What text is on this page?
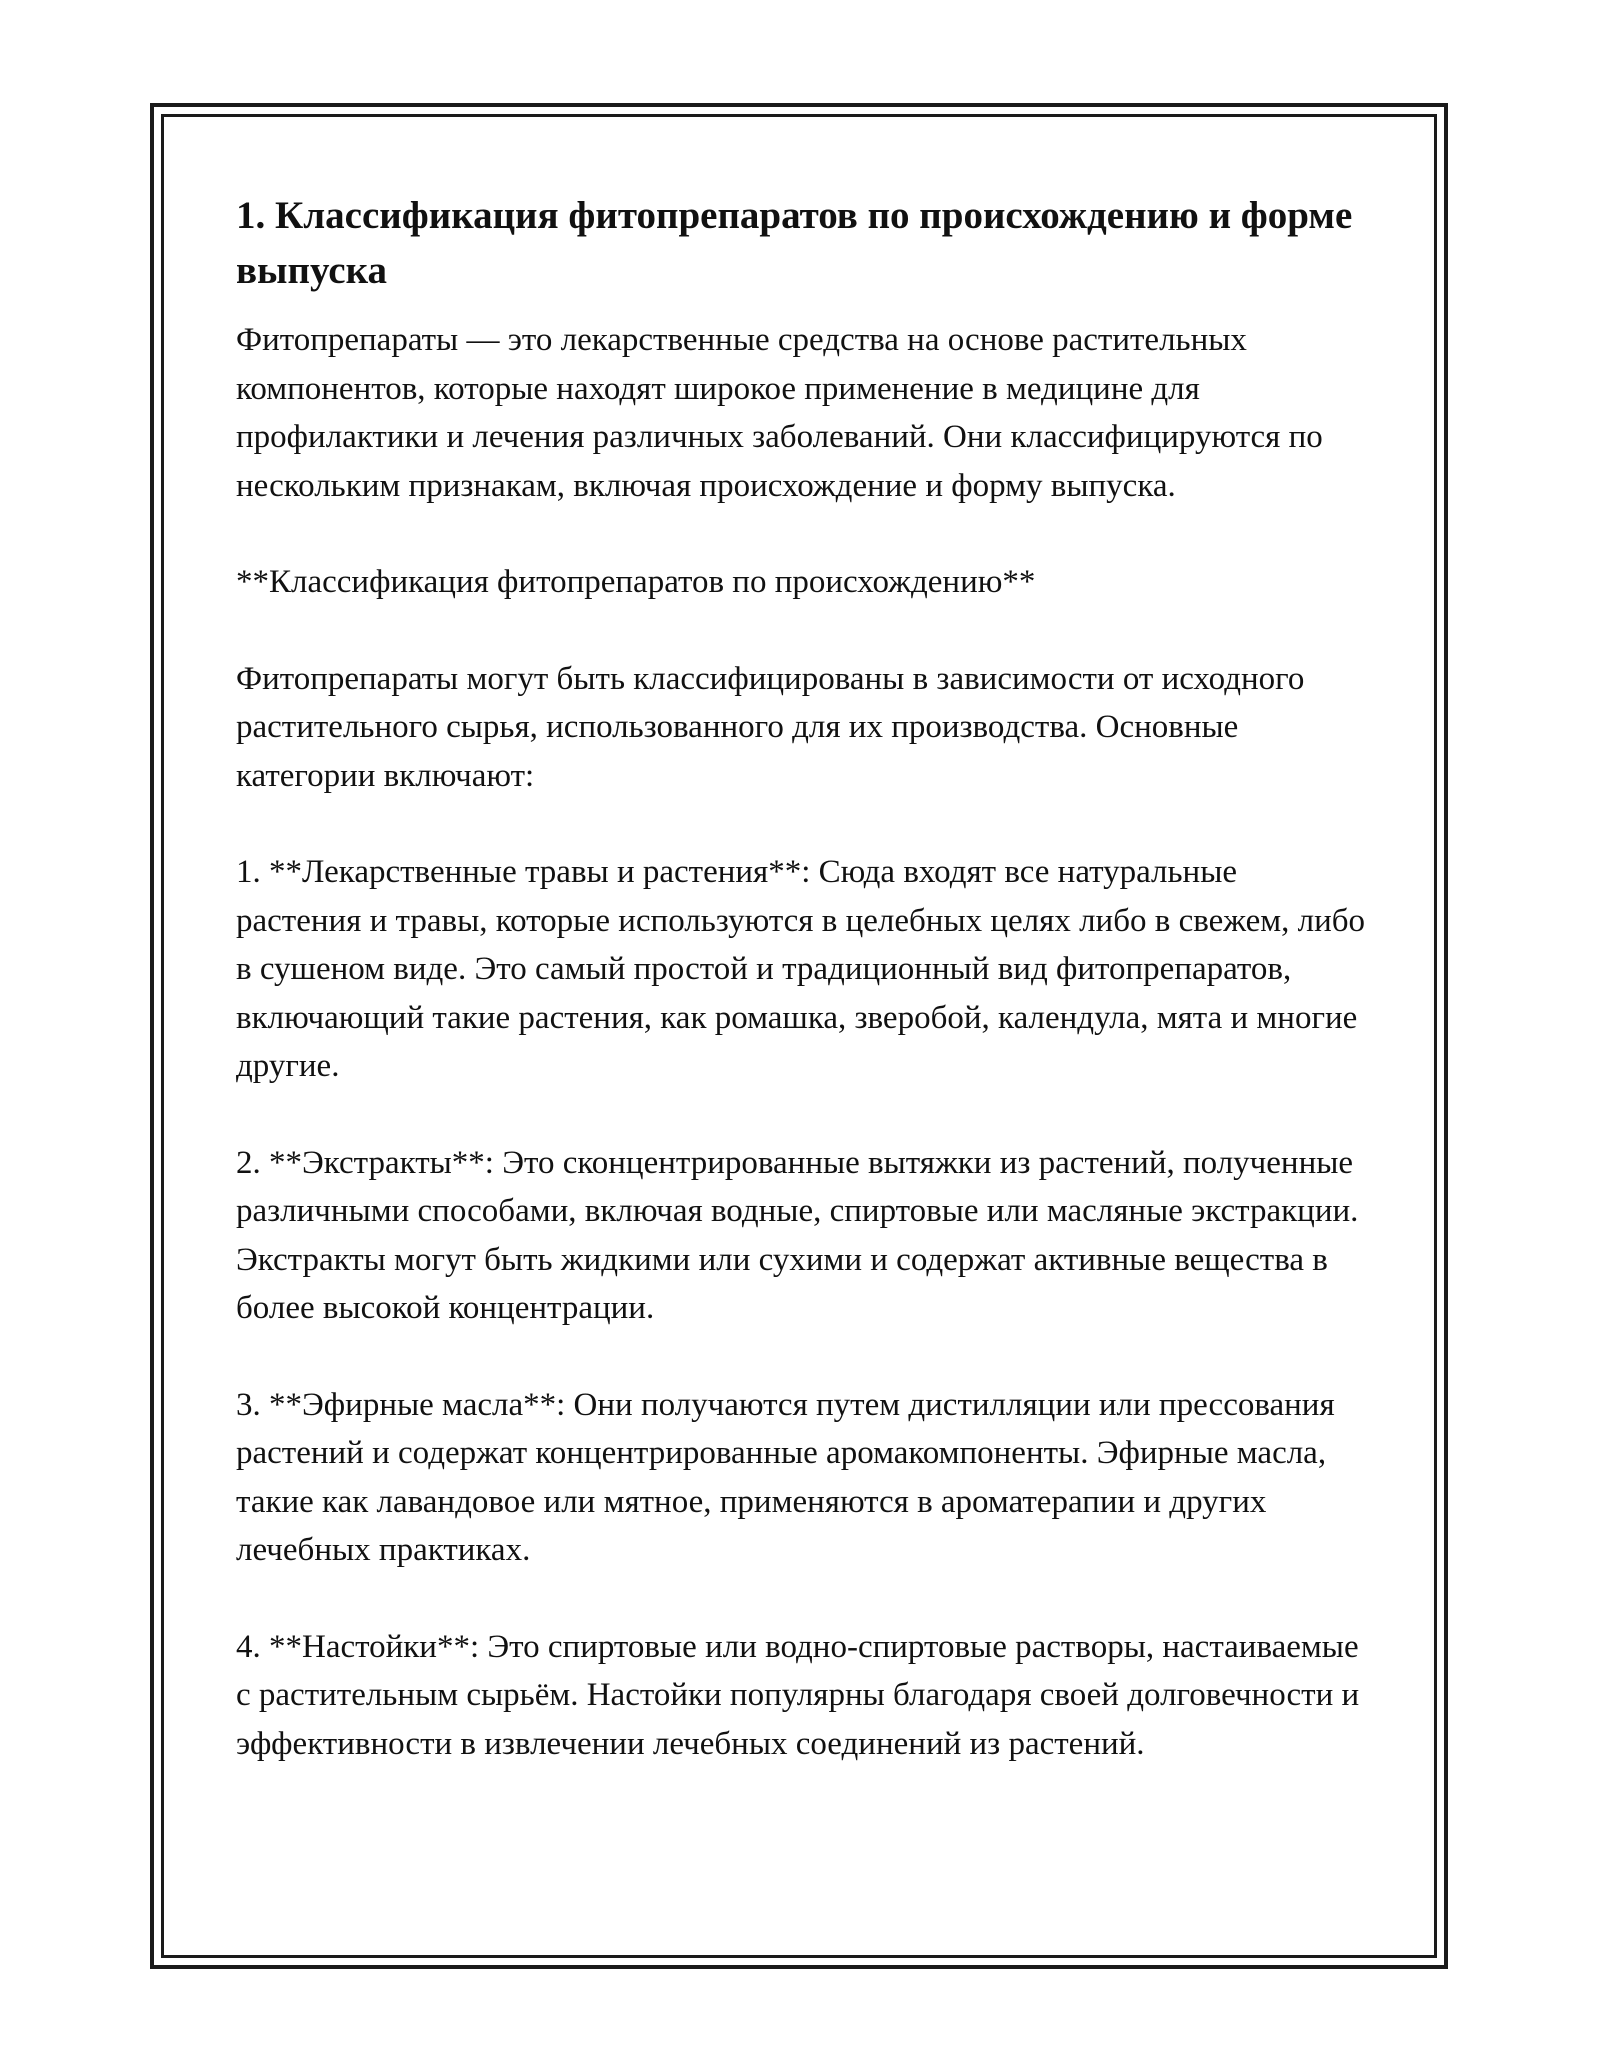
1. Классификация фитопрепаратов по происхождению и форме выпуска

Фитопрепараты — это лекарственные средства на основе растительных компонентов, которые находят широкое применение в медицине для профилактики и лечения различных заболеваний. Они классифицируются по нескольким признакам, включая происхождение и форму выпуска.

**Классификация фитопрепаратов по происхождению**

Фитопрепараты могут быть классифицированы в зависимости от исходного растительного сырья, использованного для их производства. Основные категории включают:

1. **Лекарственные травы и растения**: Сюда входят все натуральные растения и травы, которые используются в целебных целях либо в свежем, либо в сушеном виде. Это самый простой и традиционный вид фитопрепаратов, включающий такие растения, как ромашка, зверобой, календула, мята и многие другие.

2. **Экстракты**: Это сконцентрированные вытяжки из растений, полученные различными способами, включая водные, спиртовые или масляные экстракции. Экстракты могут быть жидкими или сухими и содержат активные вещества в более высокой концентрации.

3. **Эфирные масла**: Они получаются путем дистилляции или прессования растений и содержат концентрированные аромакомпоненты. Эфирные масла, такие как лавандовое или мятное, применяются в ароматерапии и других лечебных практиках.

4. **Настойки**: Это спиртовые или водно-спиртовые растворы, настаиваемые с растительным сырьём. Настойки популярны благодаря своей долговечности и эффективности в извлечении лечебных соединений из растений.
